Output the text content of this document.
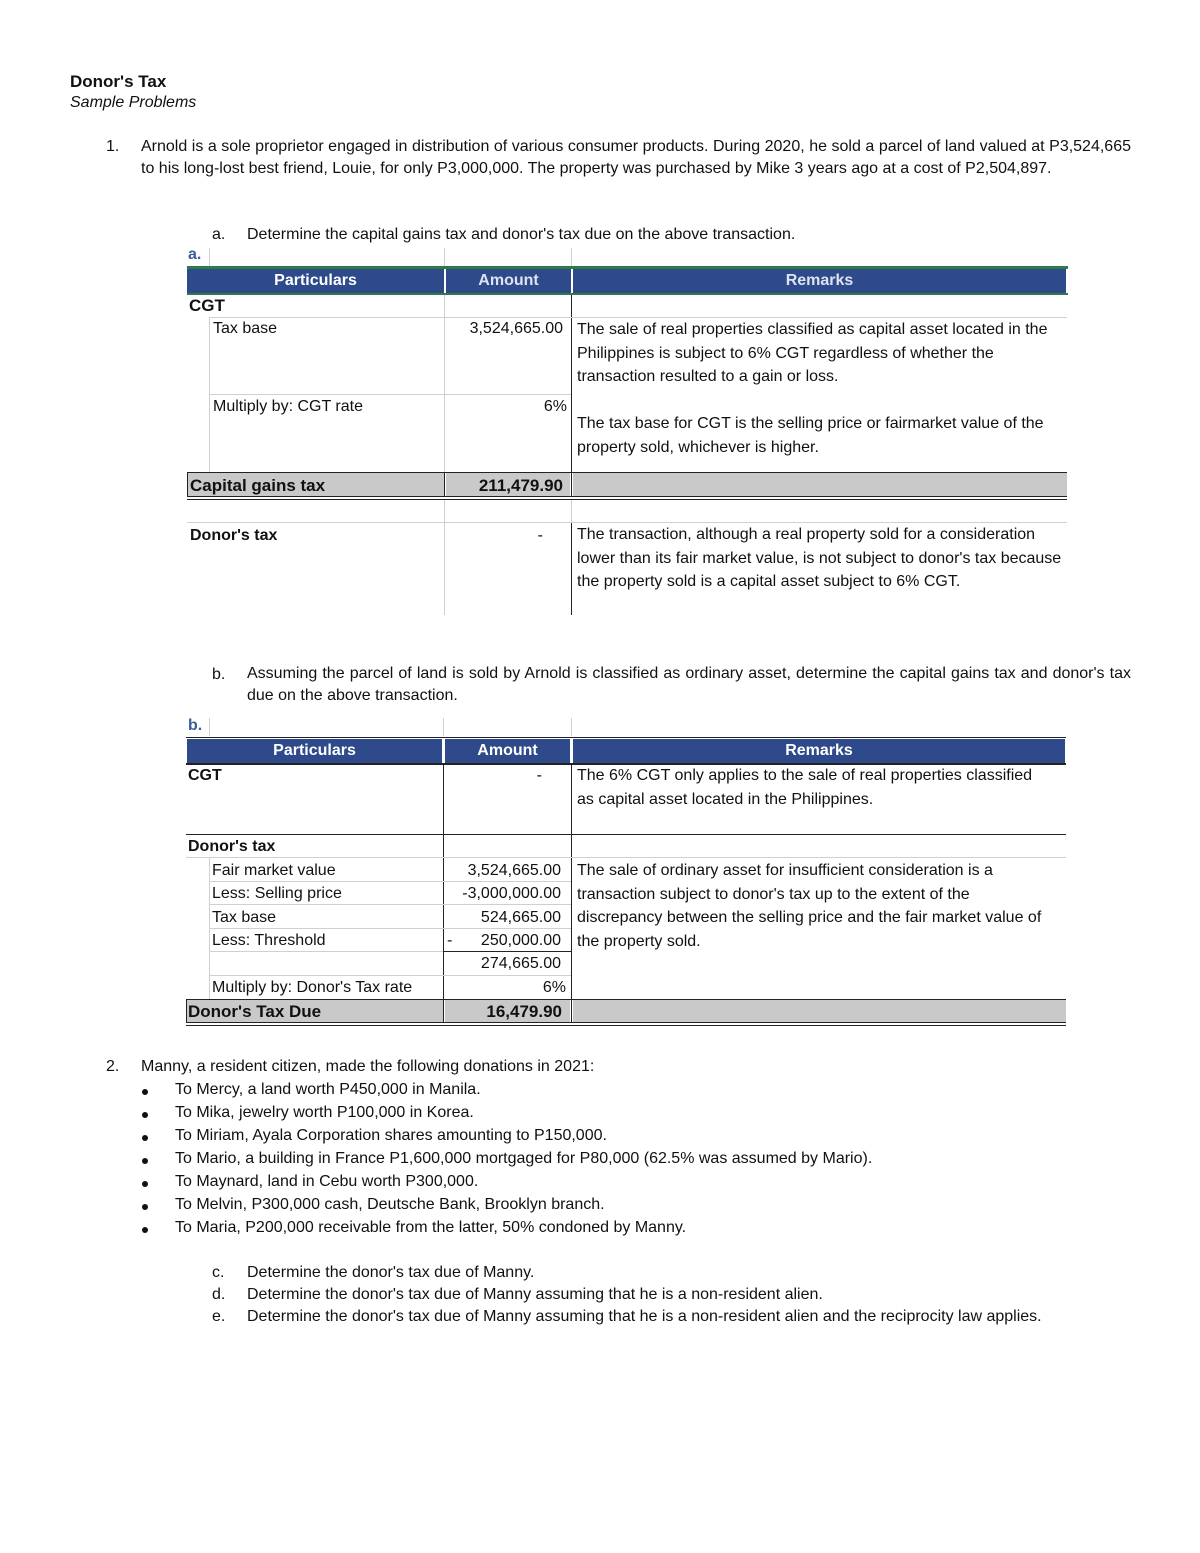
Donor's Tax
Sample Problems
1. Arnold is a sole proprietor engaged in distribution of various consumer products. During 2020, he sold a parcel of land valued at P3,524,665 to his long-lost best friend, Louie, for only P3,000,000. The property was purchased by Mike 3 years ago at a cost of P2,504,897.
a. Determine the capital gains tax and donor's tax due on the above transaction.
a.
Particulars	Amount	Remarks
CGT
Tax base	3,524,665.00 The sale of real properties classified as capital asset located in the Philippines is subject to 6% CGT regardless of whether the transaction resulted to a gain or loss.
Multiply by: CGT rate	6%
The tax base for CGT is the selling price or fairmarket value of the property sold, whichever is higher.
Capital gains tax	211,479.90
Donor's tax	- The transaction, although a real property sold for a consideration lower than its fair market value, is not subject to donor's tax because the property sold is a capital asset subject to 6% CGT.
b. Assuming the parcel of land is sold by Arnold is classified as ordinary asset, determine the capital gains tax and donor's tax due on the above transaction.
b.
Particulars	Amount	Remarks
CGT	- The 6% CGT only applies to the sale of real properties classified as capital asset located in the Philippines.
Donor's tax
Fair market value	3,524,665.00
Less: Selling price	-3,000,000.00
Tax base	524,665.00
Less: Threshold	-	250,000.00
274,665.00
Multiply by: Donor's Tax rate	6%
The sale of ordinary asset for insufficient consideration is a transaction subject to donor's tax up to the extent of the discrepancy between the selling price and the fair market value of the property sold.
Donor's Tax Due	16,479.90
2. Manny, a resident citizen, made the following donations in 2021:
To Mercy, a land worth P450,000 in Manila.
To Mika, jewelry worth P100,000 in Korea.
To Miriam, Ayala Corporation shares amounting to P150,000.
To Mario, a building in France P1,600,000 mortgaged for P80,000 (62.5% was assumed by Mario).
To Maynard, land in Cebu worth P300,000.
To Melvin, P300,000 cash, Deutsche Bank, Brooklyn branch.
To Maria, P200,000 receivable from the latter, 50% condoned by Manny.
c. Determine the donor's tax due of Manny.
d. Determine the donor's tax due of Manny assuming that he is a non-resident alien.
e. Determine the donor's tax due of Manny assuming that he is a non-resident alien and the reciprocity law applies.
